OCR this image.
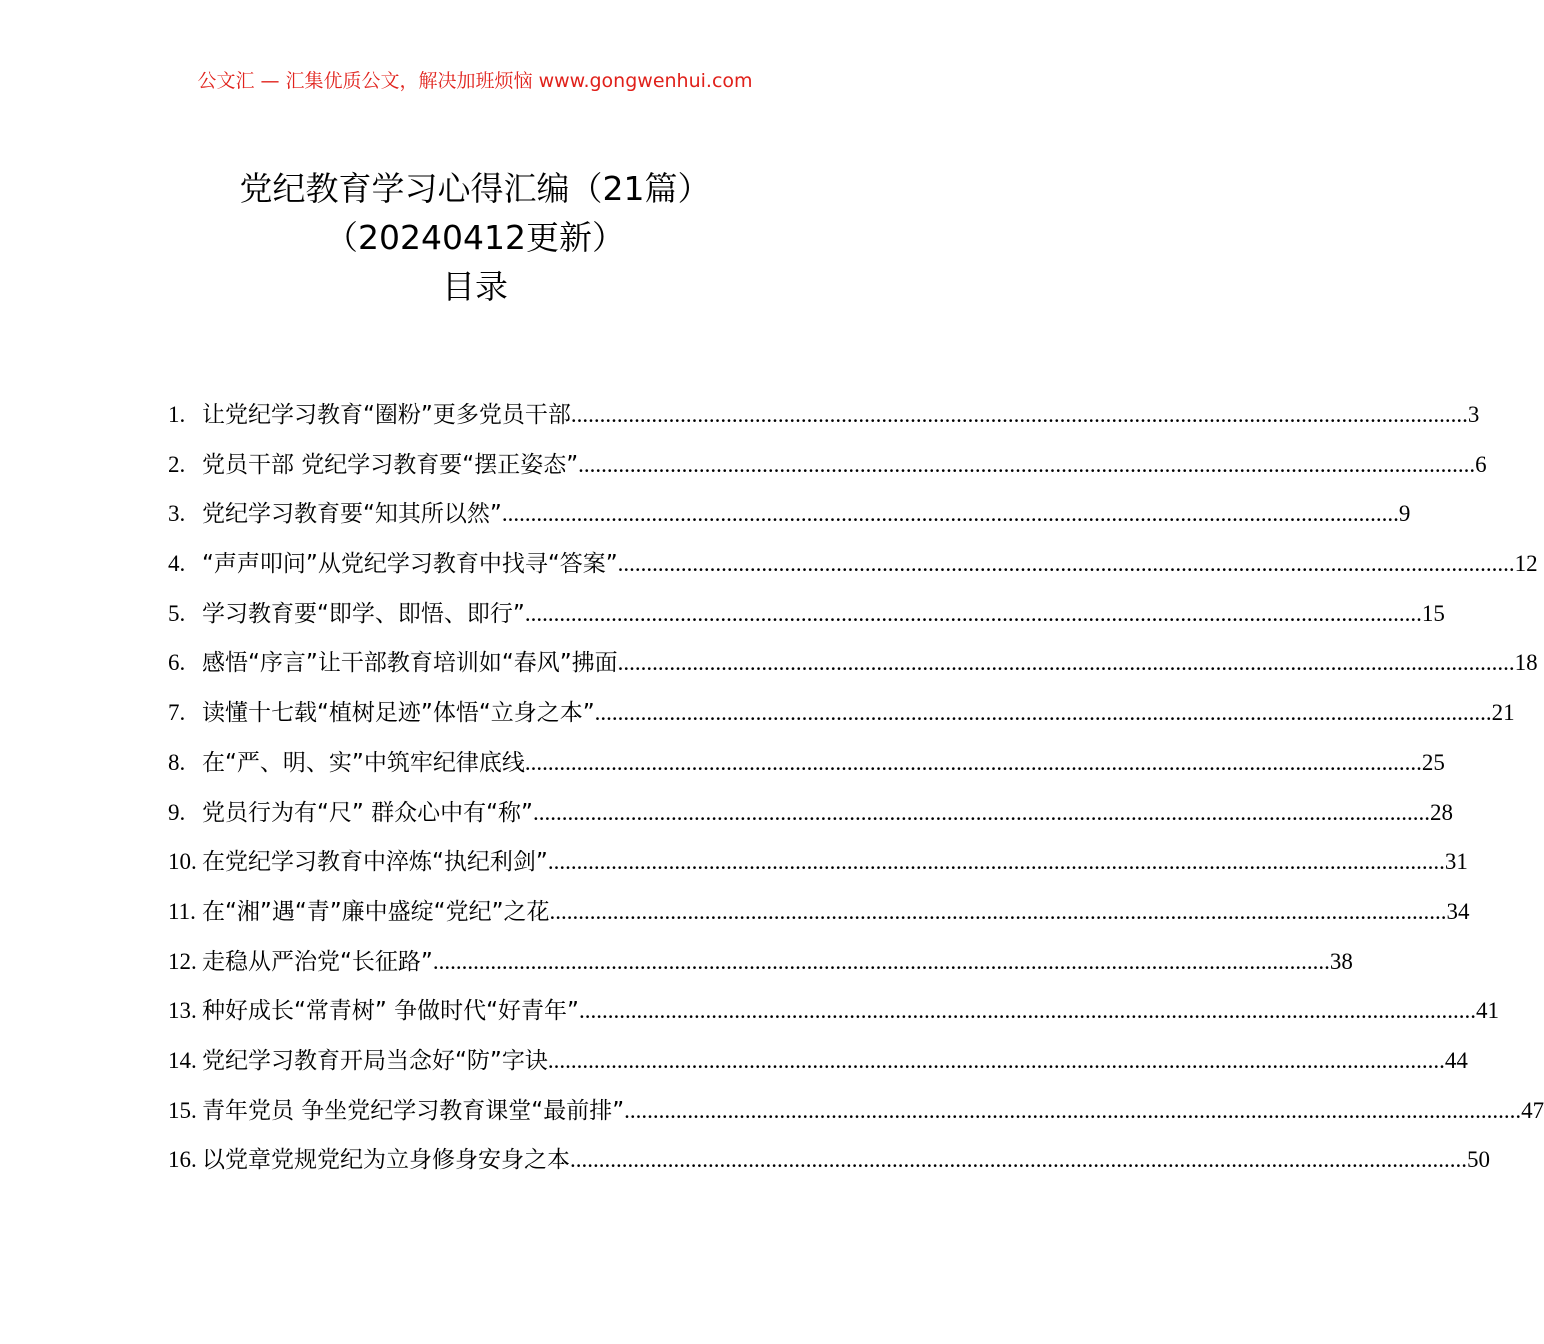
公文汇 — 汇集优质公文，解决加班烦恼 www.gongwenhui.com
党纪教育学习心得汇编（21篇）
（20240412更新）
目录
1. 让党纪学习教育“圈粉”更多党员干部 .....	3
2. 党员干部 党纪学习教育要“摆正姿态” .....	6
3. 党纪学习教育要“知其所以然” .....	9
4. “声声叩问”从党纪学习教育中找寻“答案” .....	12
5. 学习教育要“即学、即悟、即行” .....	15
6. 感悟“序言”让干部教育培训如“春风”拂面 .....	18
7. 读懂十七载“植树足迹”体悟“立身之本” .....	21
8. 在“严、明、实”中筑牢纪律底线 .....	25
9. 党员行为有“尺” 群众心中有“称” .....	28
10. 在党纪学习教育中淬炼“执纪利剑” .....	31
11. 在“湘”遇“青”廉中盛绽“党纪”之花 .....	34
12. 走稳从严治党“长征路” .....	38
13. 种好成长“常青树” 争做时代“好青年” .....	41
14. 党纪学习教育开局当念好“防”字诀 .....	44
15. 青年党员 争坐党纪学习教育课堂“最前排” .....	47
16. 以党章党规党纪为立身修身安身之本 .....	50
